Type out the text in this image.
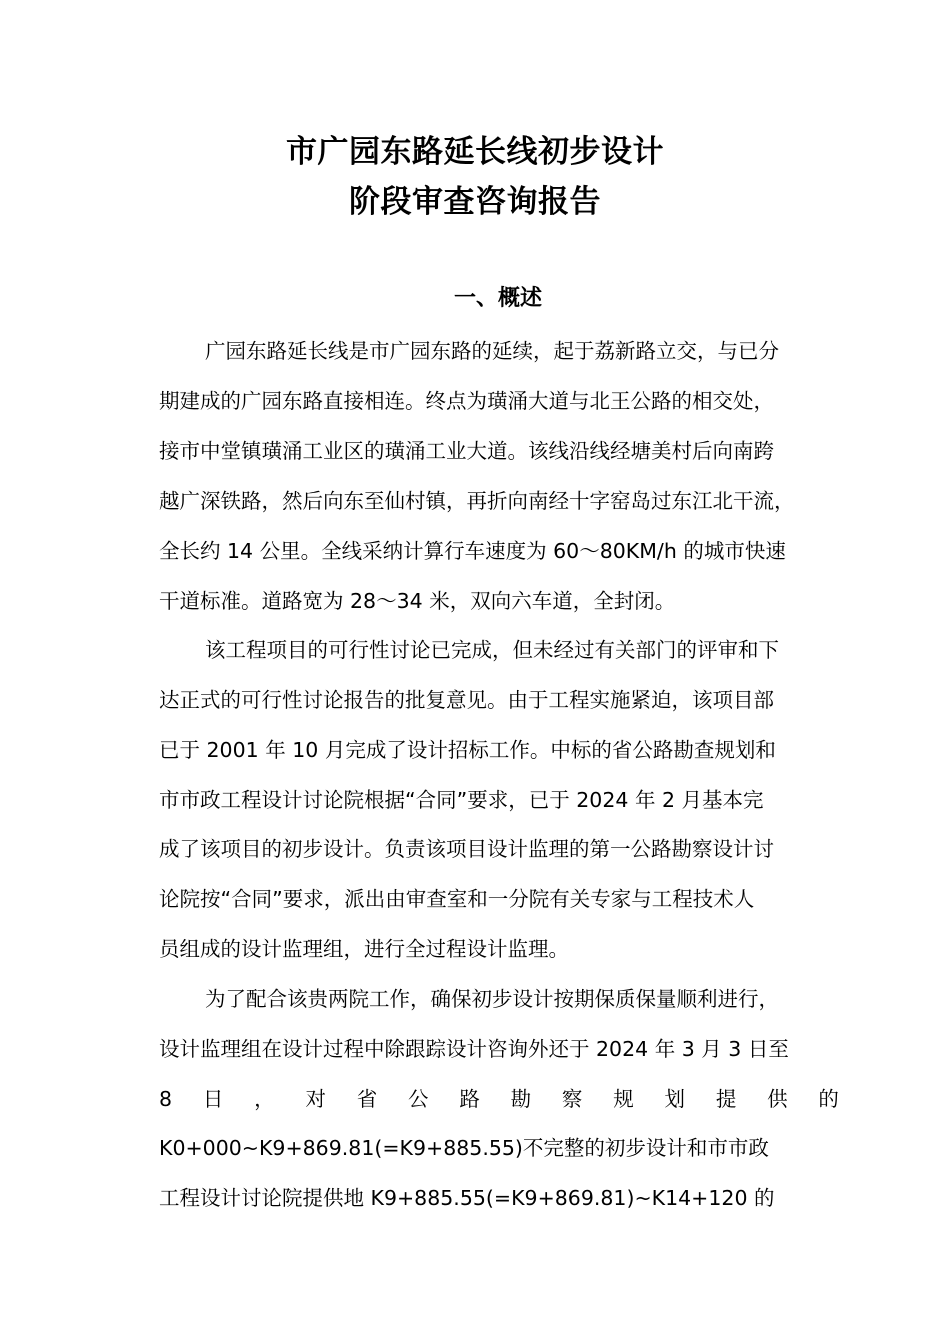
市广园东路延长线初步设计
阶段审查咨询报告
一、概述
广园东路延长线是市广园东路的延续，起于荔新路立交，与已分
期建成的广园东路直接相连。终点为璜涌大道与北王公路的相交处，
接市中堂镇璜涌工业区的璜涌工业大道。该线沿线经塘美村后向南跨
越广深铁路，然后向东至仙村镇，再折向南经十字窑岛过东江北干流，
全长约 14 公里。全线采纳计算行车速度为 60～80KM/h 的城市快速
干道标准。道路宽为 28～34 米，双向六车道，全封闭。
该工程项目的可行性讨论已完成，但未经过有关部门的评审和下
达正式的可行性讨论报告的批复意见。由于工程实施紧迫，该项目部
已于 2001 年 10 月完成了设计招标工作。中标的省公路勘查规划和
市市政工程设计讨论院根据“合同”要求，已于 2024 年 2 月基本完
成了该项目的初步设计。负责该项目设计监理的第一公路勘察设计讨
论院按“合同”要求，派出由审查室和一分院有关专家与工程技术人
员组成的设计监理组，进行全过程设计监理。
为了配合该贵两院工作，确保初步设计按期保质保量顺利进行，
设计监理组在设计过程中除跟踪设计咨询外还于 2024 年 3 月 3 日至
8 日 ， 对 省 公 路 勘 察 规 划 提 供 的
K0+000~K9+869.81(=K9+885.55)不完整的初步设计和市市政
工程设计讨论院提供地 K9+885.55(=K9+869.81)~K14+120 的
